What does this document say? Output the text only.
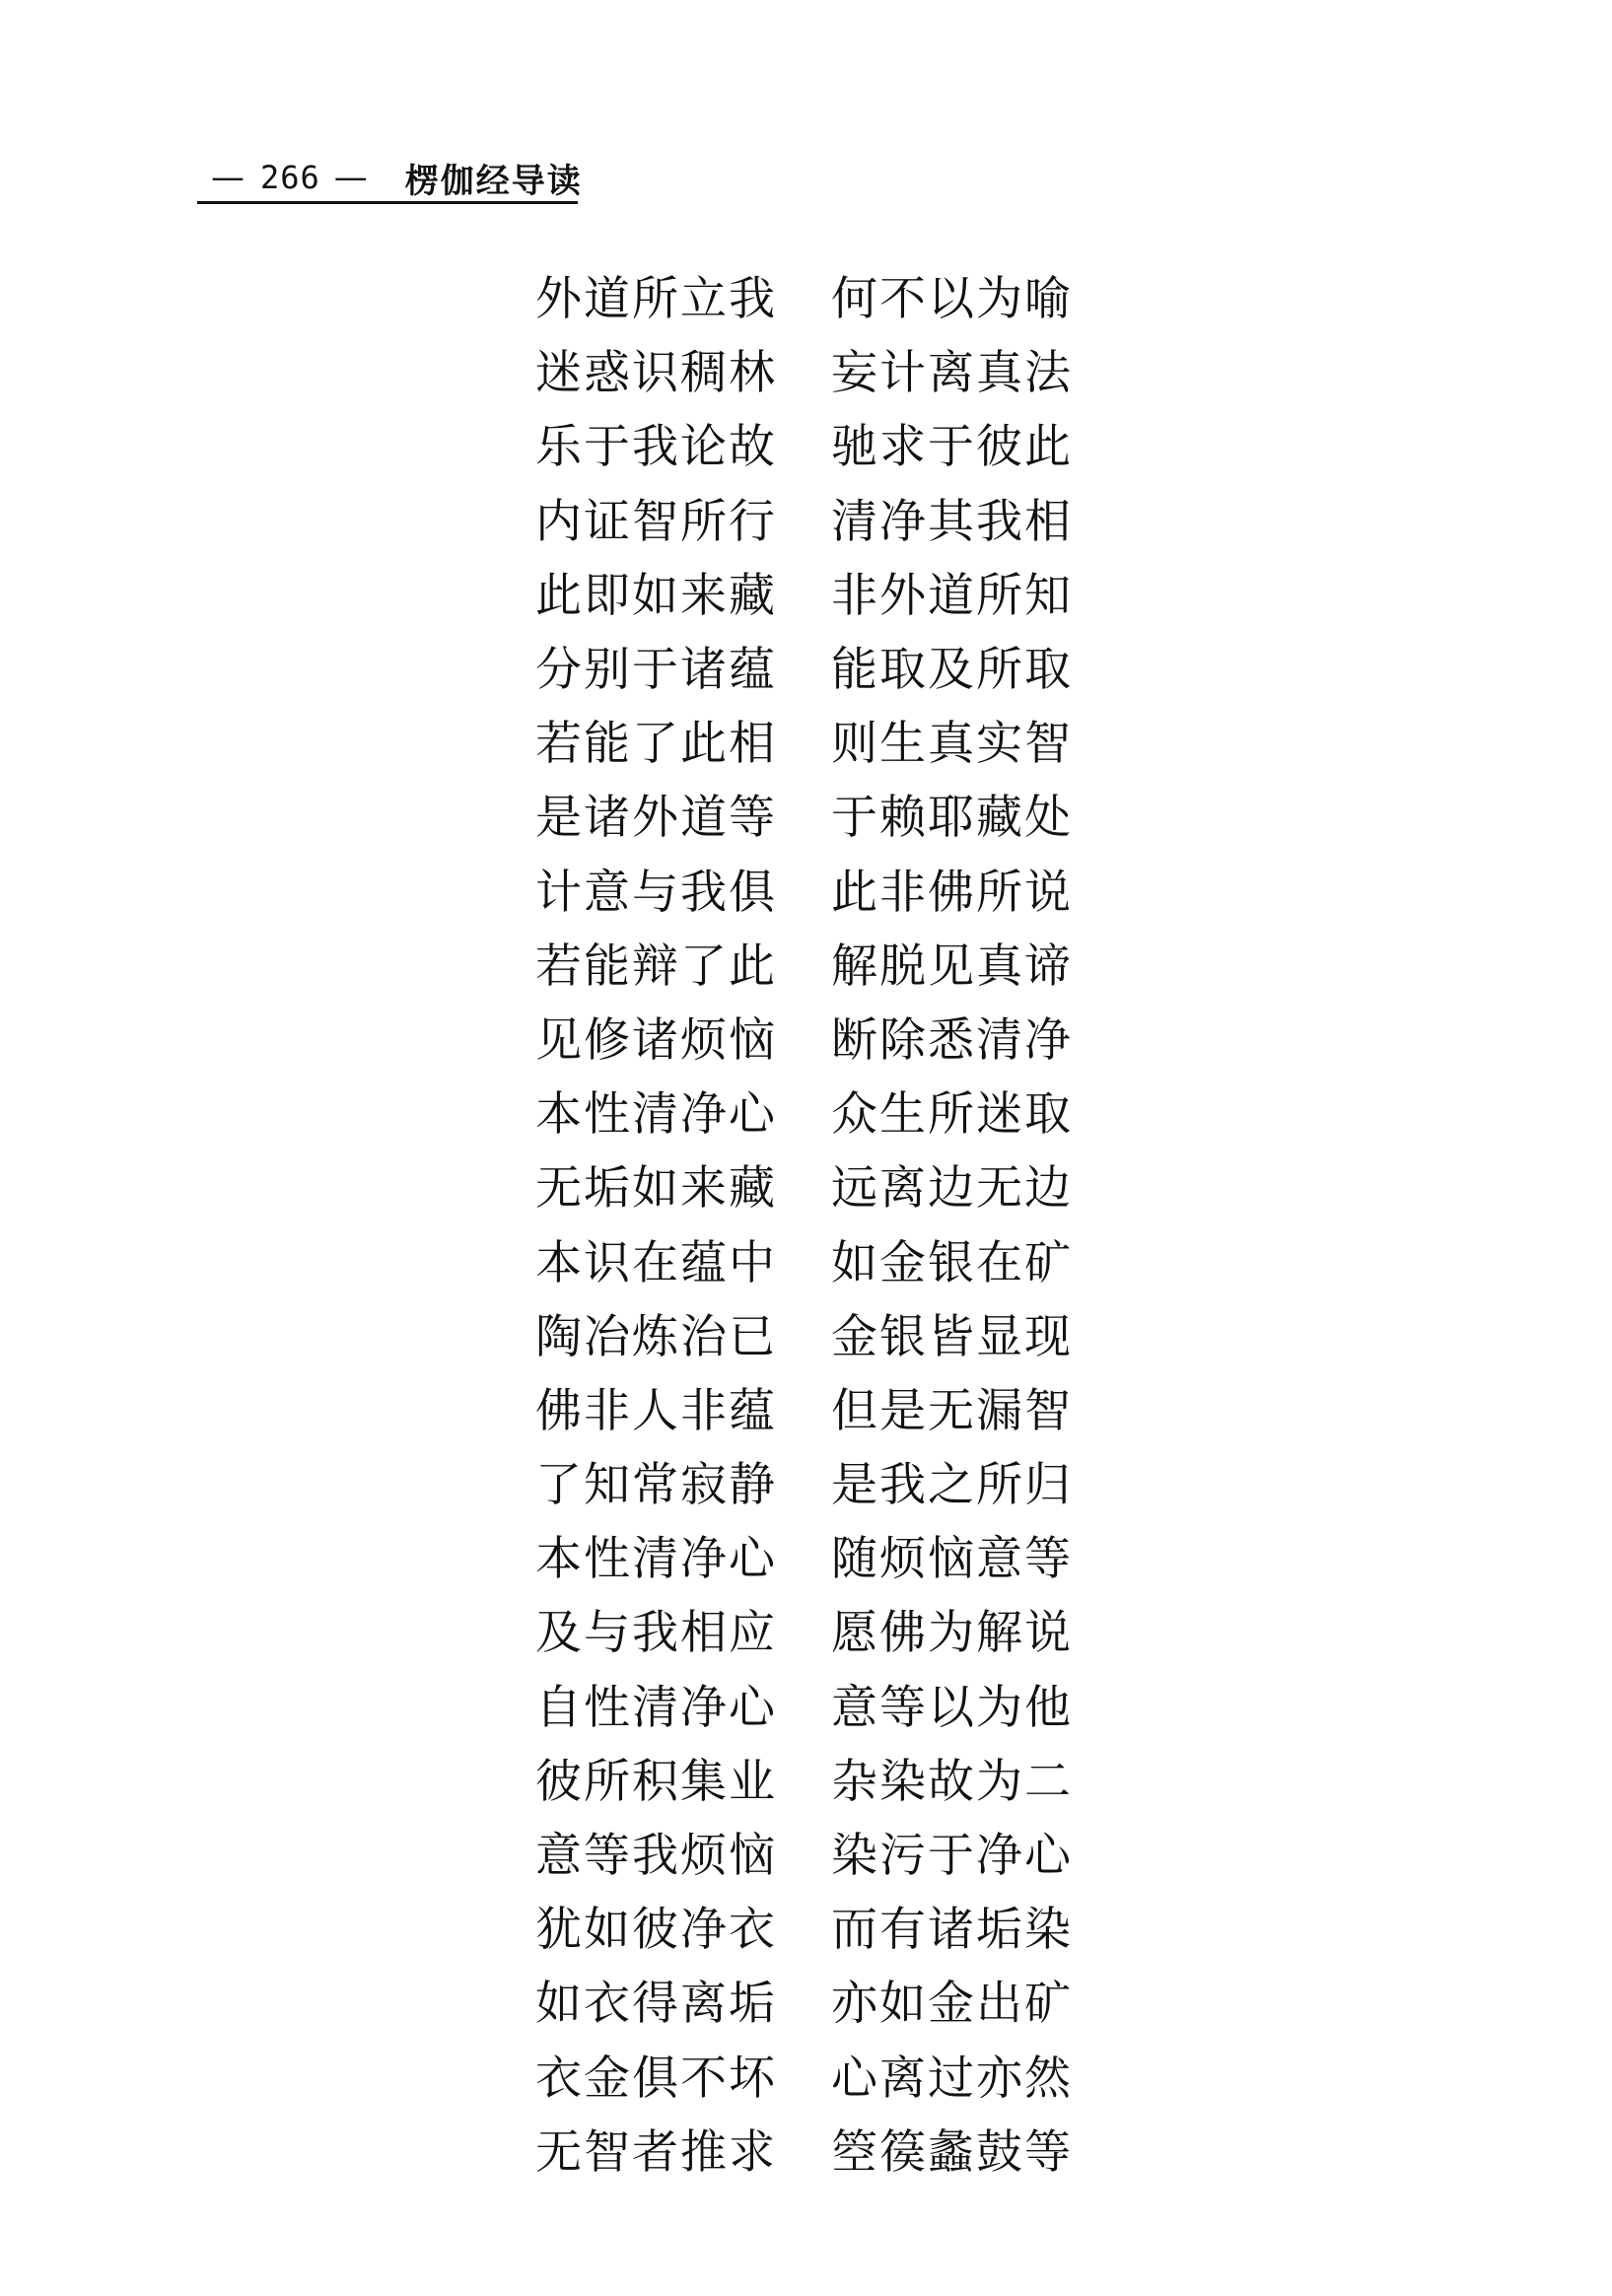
— 266 —	楞伽经导读
外道所立我	何不以为喻
迷惑识稠林	妄计离真法
乐于我论故	驰求于彼此
内证智所行	清净其我相
此即如来藏	非外道所知
分别于诸蕴	能取及所取
若能了此相	则生真实智
是诸外道等	于赖耶藏处
计意与我俱	此非佛所说
若能辩了此	解脱见真谛
见修诸烦恼	断除悉清净
本性清净心	众生所迷取
无垢如来藏	远离边无边
本识在蕴中	如金银在矿
陶冶炼治已	金银皆显现
佛非人非蕴	但是无漏智
了知常寂静	是我之所归
本性清净心	随烦恼意等
及与我相应	愿佛为解说
自性清净心	意等以为他
彼所积集业	杂染故为二
意等我烦恼	染污于净心
犹如彼净衣	而有诸垢染
如衣得离垢	亦如金出矿
衣金俱不坏	心离过亦然
无智者推求	箜篌蠡鼓等
